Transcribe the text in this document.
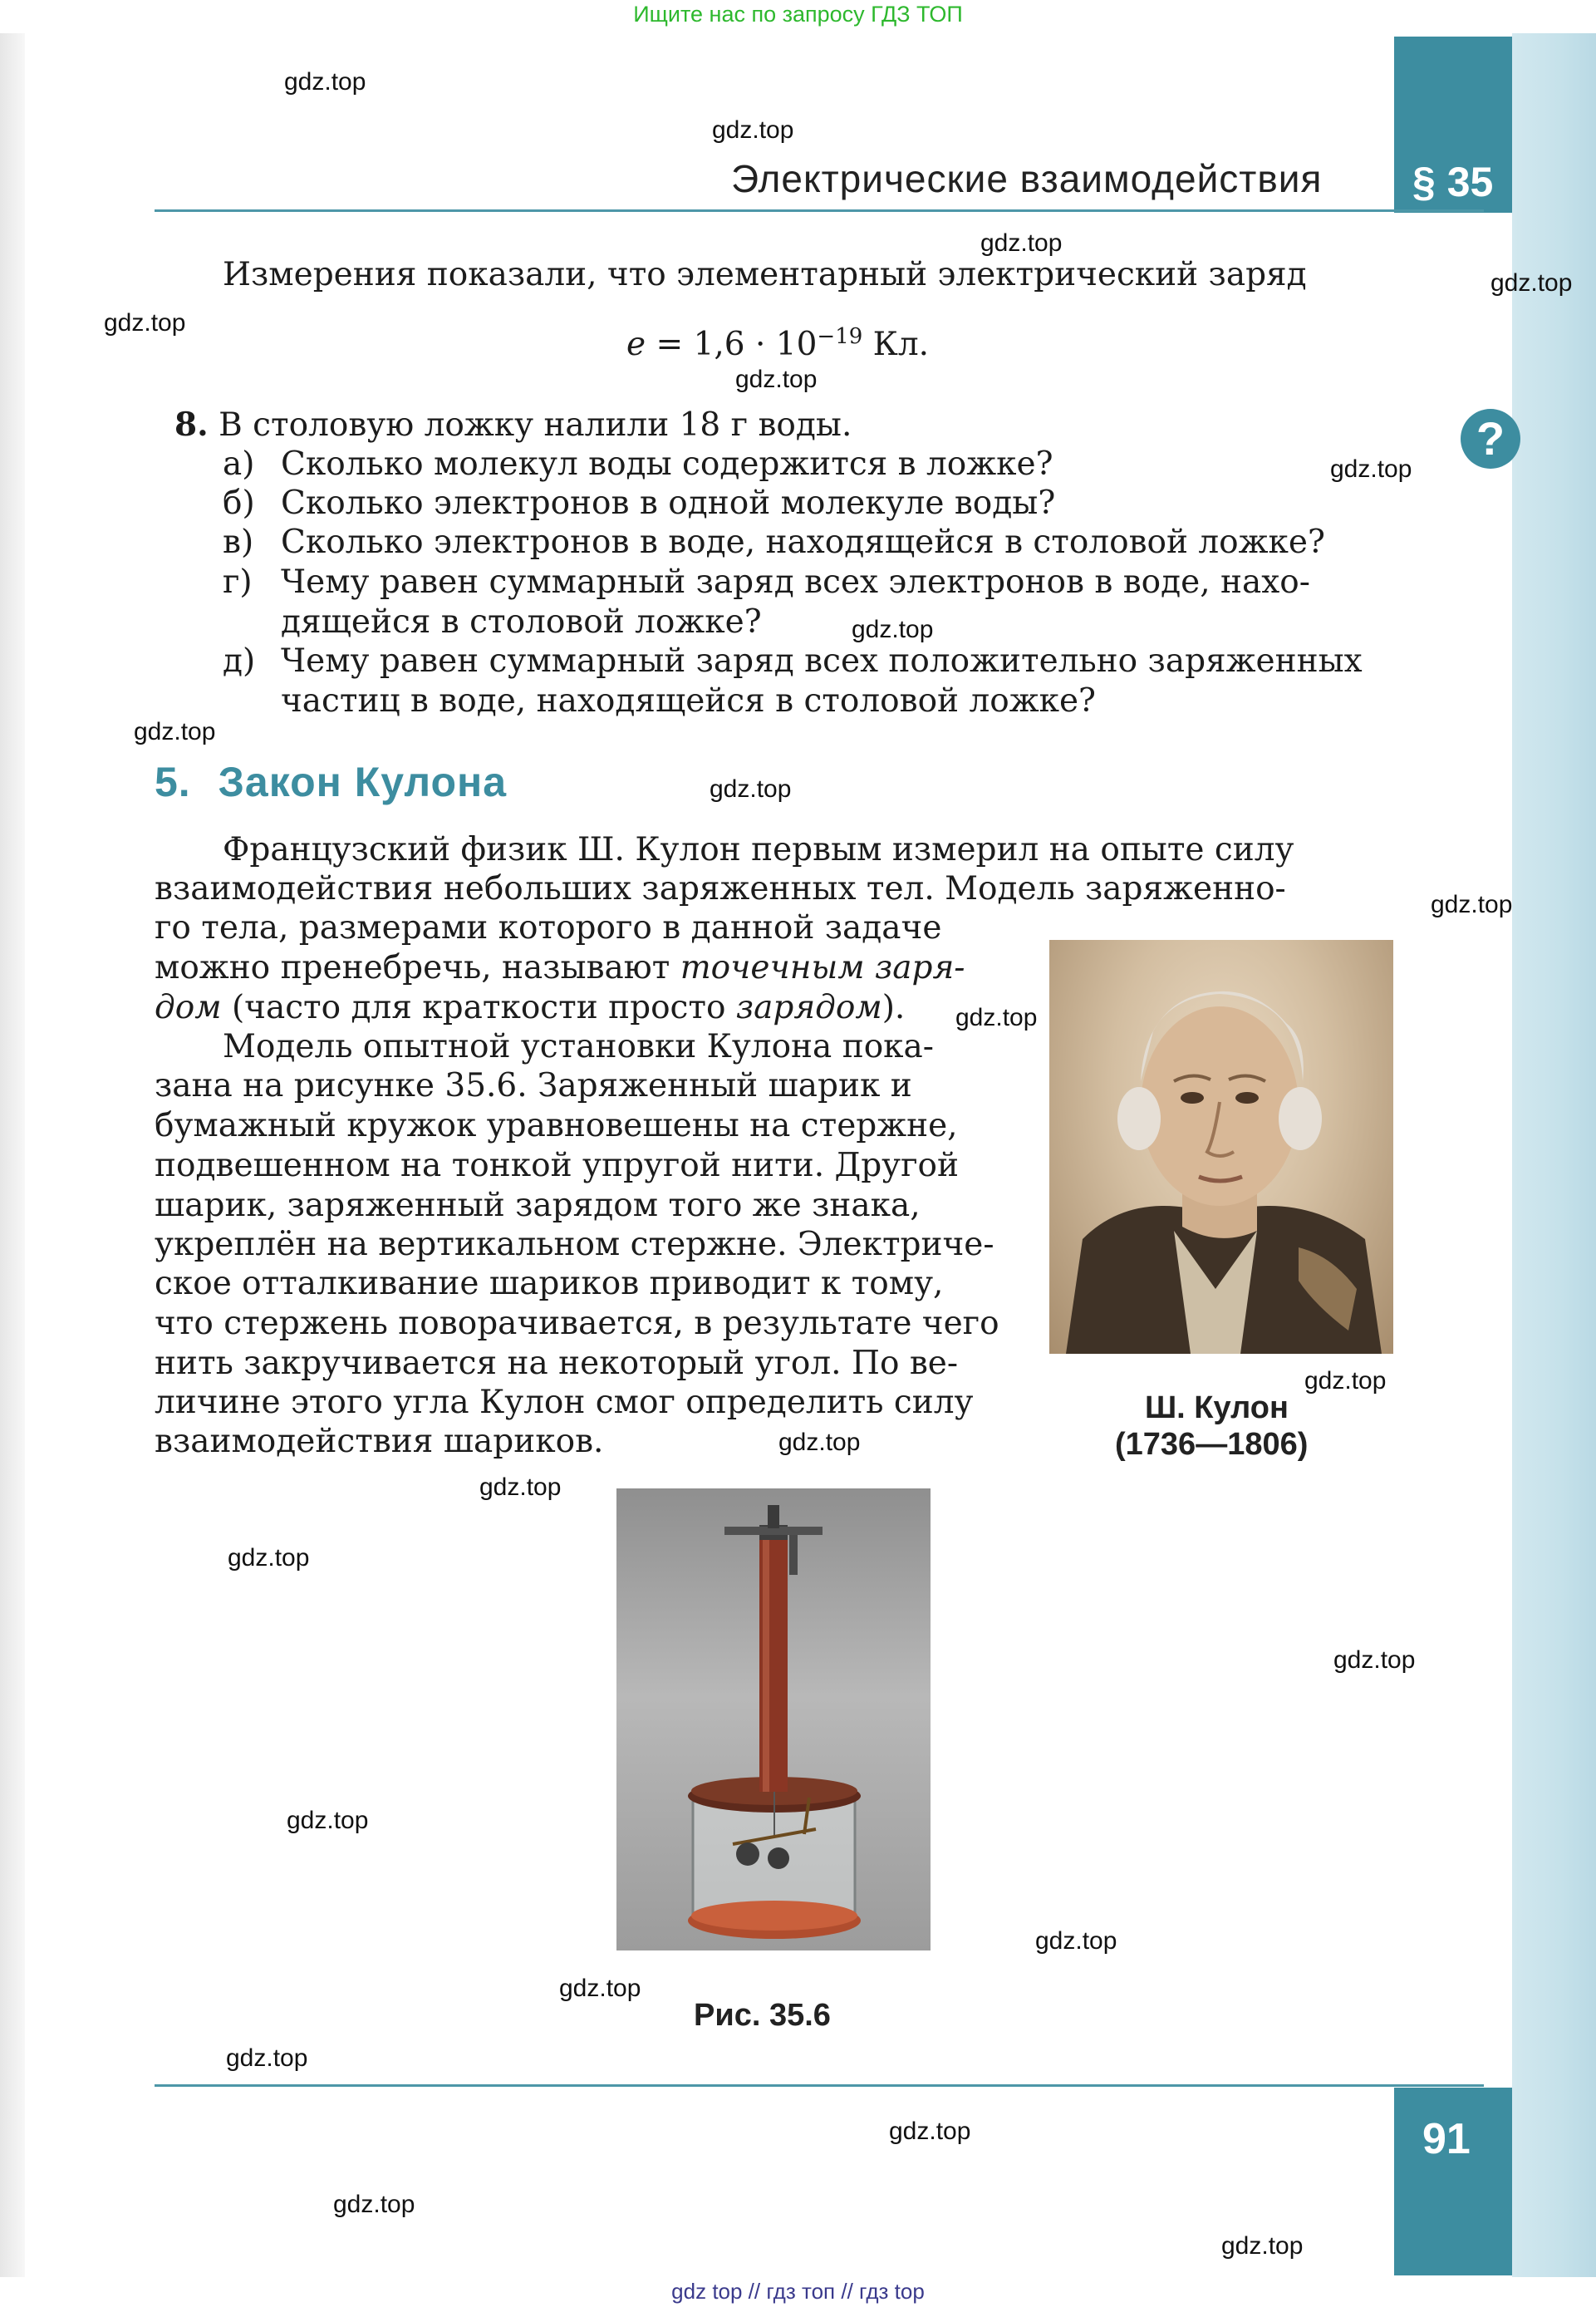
Ищите нас по запросу ГДЗ ТОП
Электрические взаимодействия § 35
?
Измерения показали, что элементарный электрический заряд
$e = 1,6 \cdot 10^{-19}$ Кл.
8. В столовую ложку налили 18 г воды.
а) Сколько молекул воды содержится в ложке?
б) Сколько электронов в одной молекуле воды?
в) Сколько электронов в воде, находящейся в столовой ложке?
г) Чему равен суммарный заряд всех электронов в воде, нахо-
дящейся в столовой ложке?
д) Чему равен суммарный заряд всех положительно заряженных
частиц в воде, находящейся в столовой ложке?
5. Закон Кулона
Французский физик Ш. Кулон первым измерил на опыте силу
взаимодействия небольших заряженных тел. Модель заряженно-
го тела, размерами которого в данной задаче
можно пренебречь, называют точечным заря-
дом (часто для краткости просто зарядом).
Модель опытной установки Кулона пока-
зана на рисунке 35.6. Заряженный шарик и
бумажный кружок уравновешены на стержне,
подвешенном на тонкой упругой нити. Другой
шарик, заряженный зарядом того же знака,
укреплён на вертикальном стержне. Электриче-
ское отталкивание шариков приводит к тому,
что стержень поворачивается, в результате чего
нить закручивается на некоторый угол. По ве-
личине этого угла Кулон смог определить силу
взаимодействия шариков.
Ш. Кулон
(1736—1806)
Рис. 35.6
91
gdz.top
gdz.top
gdz.top
gdz.top
gdz.top
gdz.top
gdz.top
gdz.top
gdz.top
gdz.top
gdz.top
gdz.top
gdz.top
gdz.top
gdz.top
gdz.top
gdz.top
gdz.top
gdz.top
gdz.top
gdz.top
gdz.top
gdz.top
gdz.top
gdz top // гдз топ // гдз top
